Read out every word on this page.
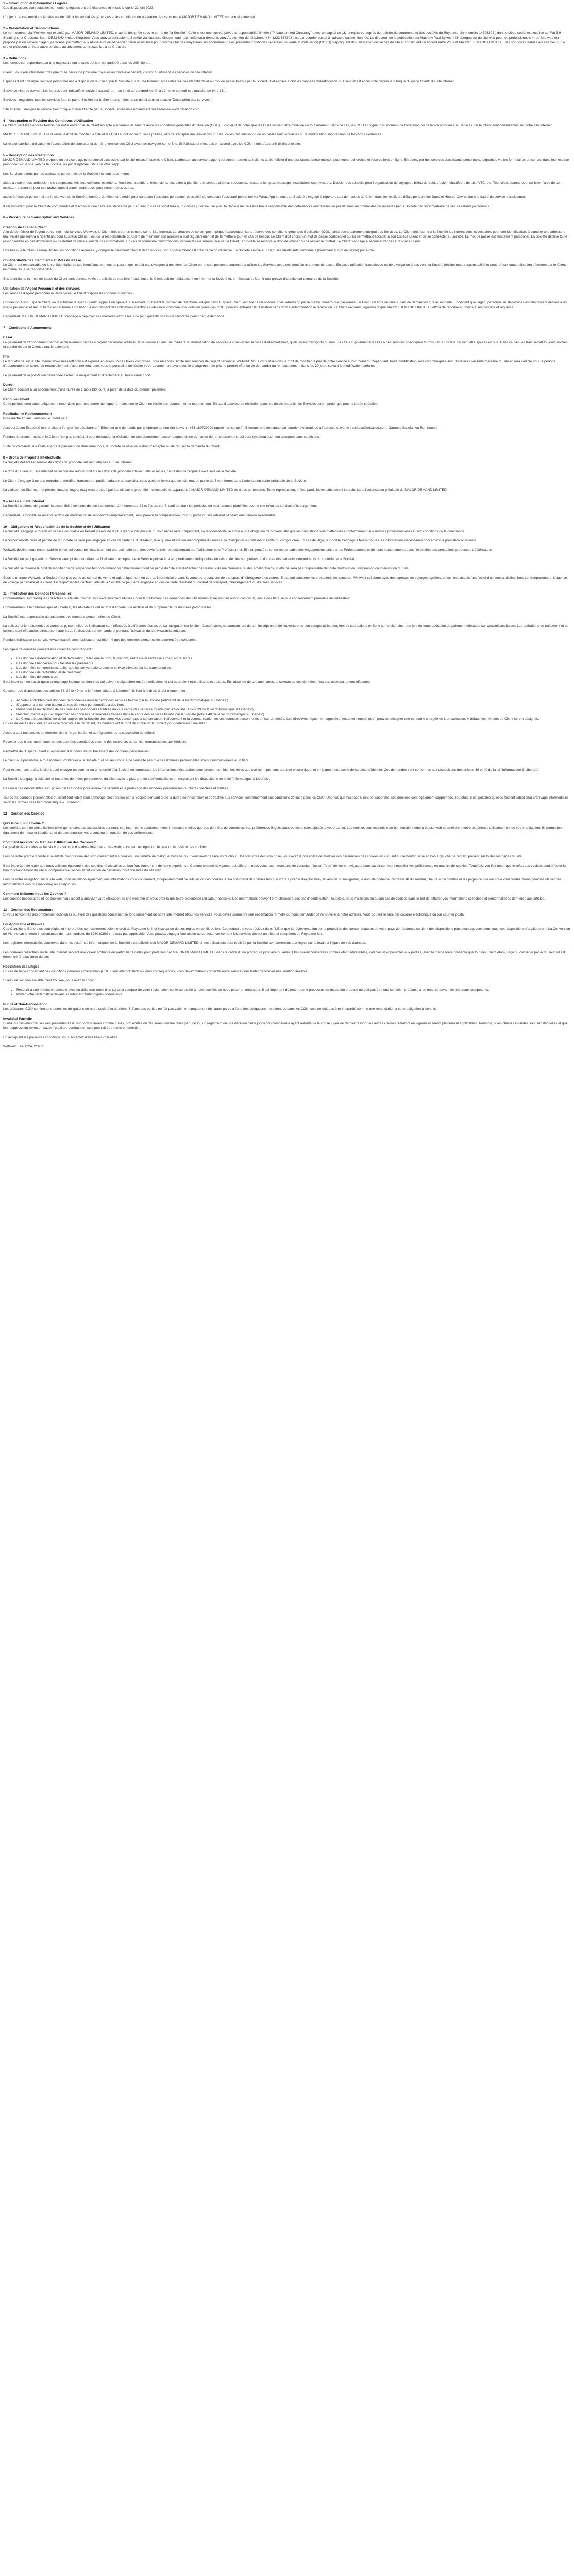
1 – Introduction et Informations Légales

Ces dispositions contractuelles et mentions légales ont été élaborées et mises à jour le 22 juin 2023.

L'objectif de ces mentions légales est de définir les modalités générales et les conditions de prestation des services de MAJOR DEMAND LIMITED sur son site internet.

2 – Présentation et Dénominations

Le nom commercial Weltweit est exploité par MAJOR DEMAND LIMITED, ci-après désignée sous le terme de "la Société". Celle-ci est une société privée à responsabilité limitée ("Private Limited Company") avec un capital de 1£, enregistrée auprès du registre du commerce et des sociétés du Royaume-Uni (numéro 14326204), dont le siège social est localisé au Flat 3 9 Sunninghurst Crescent, Bath, DE23 8HX United Kingdom. Vous pouvez contacter la Société via l'adresse électronique : admin@major-demand.com. Au numéro de téléphone +44 1223 654308 ; ou par courrier postal à l'adresse susmentionnée. Le directeur de la publication est Matthew Paul Sykes, « l'Hébergeur(s) du site web pour les professionnels ». Le Site web est proposé par un service d'agent personnel permettant aux utilisateurs de bénéficier d'une assistance pour diverses tâches moyennant un abonnement. Les présentes conditions générales de vente et d'utilisation (CGVU) s'appliquent dès l'utilisation ou l'accès du site et constituent un accord entre Vous et MAJOR DEMAND LIMITED. Elles sont consultables accessibles sur le site et précisent un haut autre services au document contractuelle : à sa Création.

3 – Définitions

Les termes correspondant par une majuscule ont le sens qui leur est attribué dans les définitions :

Client : Vous (ou Utilisateur : désigne toute personne physique majeure ou morale accédant, visitant ou utilisant les services du site internet.

Espace Client : désigne l'espace personnel mis à disposition du Client par la Société sur le Site Internet, accessible via des identifiants et au moi de passe fournis par la Société. Cet espace inclut les données d'identification du Client et est accessible depuis le rubrique "Espace Client" du Site internet.

Sauvé ce Heures ouvrés : Les heures sont indicatifs et suivis à caractères – du lundi au vendredi de 9h à 19h et le samedi et dimanche de 9h à 17h.

Services : englobent tous les services fournis par la Société sur le Site Internet, décrits en détail dans la section "Description des services".

Site Internet : désigne le service électronique interactif édité par la Société, accessible notamment sur l'adresse www.misasoft.com.

4 – Acceptation et Révision des Conditions d'Utilisation

Le Client peut les Services fournis par notre entreprise, le Client accepte pleinement et sans réserve les conditions générales d'utilisation (CGU). Il convient de noter que les CGU peuvent être modifiées à tout moment. Dans ce cas, les CGU en vigueur au moment de l'utilisation ou de la souscription aux Services par le Client sont consultables sur notre site Internet.

MAJOR DEMAND LIMITED se réserve le droit de modifier le Site et les CGU à tout moment, sans préavis, afin de s'adapter aux évolutions du Site, celles par l'utilisation de nouvelles fonctionnalités ou la modification/suppression de fonctions existantes.

La responsabilité d'utilisation et l'acceptation de consulter la dernière version des CGU avant de naviguer sur le Site. Si l'Utilisateur n'est pas en accord avec les CGU, il doit s'abstenir d'utiliser le site.

5 – Description des Prestations

MAJOR DEMAND LIMITED propose un service d'agent personnel accessible par le site misasoft.com et le Client. L'adhésion au service d'agent personnel permet aux clients de bénéficier d'une assistance personnalisée pour leurs recherches et réservations en ligne. En outre, par des services d'assistants personnels, joignables via les formulaires de contact dans leur espace personnel sur le site web de la Société, ou par téléphone, SMS ou WhatsApp.

Les Services offerts par les assistants personnels de la Société incluent notamment :

aides à trouver des professionnels compétents tels que coiffeurs, esseriens, fleuristes, plombiers, électriciens, etc. aider à planifier des séries : cinéma, spectacles, restaurants, spas, massage, installations sportives, etc. Dossier des conseils pour l'organisation de voyages : billets de train, d'avion, chauffeurs de taxi, VTC, etc. Tout client abonné peut solliciter l'aide de son assistant personnel pour ces tâches quotidiennes, mais aussi pour nombreuses autres.

accès à l'espace personnel sur le site web de la Société: numéro de téléphone dédié pour contacter l'assistant personnel, possibilité de contacter l'assistant personnel via WhatsApp ou sms. La Société s'engage à répondre aux demandes du Client dans les meilleurs délais pendant les Jours et Heures Ouvrés dans le cadre du service d'assistance.

Il est important pour le Client de comprendre et d'accepter que cette assistance ne peut en aucun cas se substituer à un conseil juridique. De plus, la Société ne peut être tenue responsable des défaillances éventuelles de prestataires recommandés ou réservés par la Société par l'intermédiaire de ses assistants personnels.

6 – Procédure de Souscription aux Services
Création de l'Espace Client

Afin de bénéficier de l'agent personnel multi-services Weltweit, le Client doit créer un compte sur le Site Internet. La création de ce compte implique l'acceptation sans réserve des conditions générales d'utilisation (CGU) ainsi que le paiement intégral des Services. Le Client doit fournir à la Société les informations nécessaires pour son identification, à compter une adresse e-mail valide qui servira à l'identifiant pour l'Espace Client. Il est de la responsabilité du Client de maintenir son adresse à mot régulièrement et de la mettre à jour en cas de besoin. Le Client doit choisir un mot de passe confidentiel qui lui permettra d'accéder à son Espace Client et de se connecter au service. Le mot de passe est strictement personnel. La Société décline toute responsabilité en cas d'omission ou de défaut de mise à jour de ces informations. En cas de fourniture d'informations incorrectes ou trompeuses par le Client, la Société se réserve le droit de refuser ou de résilier le contrat. Le Client s'engage à sécuriser l'accès à l'Espace Client.

Une fois que le Client a rempli toutes les conditions requises, y compris le paiement intégral des Services, son Espace Client est créé de façon définitive. La Société envoie au Client ses identifiants personnels (identifiant et mot de passe) par e-mail.

Confidentialité des Identifiants et Mots de Passe

Le Client est responsable de la confidentialité de ses identifiants et mots de passe, qui ne doit pas divulguer à des tiers. Le Client est le seul personne autorisée à utiliser les Services avec ses identifiants et mots de passe. En cas d'utilisation frauduleuse ou de divulgation à des tiers, la Société décline toute responsabilité et peut refuser toute utilisation effectuée par le Client lui-même sous sa responsabilité.

Ses identifiants et mots de passe du Client sont perdus, volés ou utilisés de manière frauduleuse, le Client doit immédiatement en informer la Société et, si nécessaire, fournir une preuve d'identité sur demande de la Société.

Utilisation de l'Agent Personnel et des Services

Les services d'agent personnel multi-services, le Client dispose des options suivantes :

Connexion à son Espace Client via la rubrique "Espace Client". Appel à un opérateur. Relevateur utilisant le numéro de téléphone indiqué dans l'Espace Client. Accéder à un opérateur via WhatsApp par le même numéro que par e-mail. Le Client est libre de faire autant de demandes qu'il le souhaite. Il convient que l'agent personnel multi-services est strictement destiné à un usage personnel et aucun tiers n'est autorisé à l'utiliser. La non-respect des obligations mentions ci-dessous constitue une violation grave des CGU, pouvant entraîner la résiliation sans droit à indemnisation ni réparation. Le Client reconnaît également que MAJOR DEMAND LIMITED n'offrira de réponse au moins à ses besoins et requêtes.

Cependant, MAJOR DEMAND LIMITED s'engage à déployer ses meilleurs efforts mais ne peut garantir une issue favorable pour chaque demande.

7 – Conditions d'Abonnement
Essai

Le paiement de l'abonnement permet exclusivement l'accès à l'agent personnel Weltweit. Il ne couvre en aucune manière la rémunération de services à compter les services d'intermédiation, qu'ils soient transports ou non. Des frais supplémentaires liés à des services spécifiques fournis par la Société peuvent être ajoutés en sus. Dans ce cas, les frais seront toujours notifiés et confirmés par le Client avant le paiement.

Prix

Le tarif affiché sur le site internet www.misasoft.com est exprimé en euros, toutes taxes comprises, pour un accès illimité aux services de l'agent personnel Weltweit. Nous vous réservons le droit de modifier le prix de notre service à tout moment. Cependant, toute modification sera communiquée aux utilisateurs par l'intermédiaire du site et sera valable pour la période d'abonnement en cours. Le renouvellement d'abonnement, avec vous la possibilité de résilier votre abonnement avant que le changement de prix ne prenne effet ou de demander un remboursement dans les 30 jours suivant la modification tarifaire.

Le paiement de la prestation demandée s'effectue uniquement et directement au fournisseur choisi.

Durée

Le Client souscrit à un abonnement d'une durée de 1 mois (30 jours) à partir de la date du premier paiement.

Renouvellement

Cette période sera automatiquement reconduite pour une durée identique, à moins que le Client ne résilie son abonnement à tout moment. En cas d'absence de résiliation dans les délais impartis, les Services seront prolongés pour la durée spécifiée.

Résiliation et Remboursement

Pour mettre fin aux Services, le Client peut :

Accéder à son Espace Client et cliquer l'onglet "se désabonner". Effectuer une demande par téléphone au numéro suivant : +33 189729999 (appel non surtaxé). Effectuer une demande par courrier électronique à l'adresse suivante : contact@misasoft.com. Garantie Satisfait ou Remboursé

Pendant le premier mois, si le Client n'est pas satisfait, il peut demander la résiliation de son abonnement accompagnée d'une demande de remboursement, qui sera systématiquement acceptée sans conditions.

Suite de demande aux États agents le paiement du deuxième mois, la Société se réserve le droit d'accepter ou de refuser la demande du Client.

8 – Droits de Propriété Intellectuelle

La Société détient l'ensemble des droits de propriété intellectuelle liés au Site Internet.

Le droit du Client au Site Internet ne lui confère aucun droit sur les droits de propriété intellectuelle associés, qui restent la propriété exclusive de la Société.

Le Client s'engage à ne pas reproduire, modifier, transmettre, publier, adapter ou exploiter, sous quelque forme que ce soit, tout ou partie du Site Internet sans l'autorisation écrite préalable de la Société.

La violation du Site Internet (textes, images, logos, etc.) n'est protégé par les lois sur la propriété intellectuelle et appartient à MAJOR DEMAND LIMITED ou à ses partenaires. Toute reproduction, même partielle, est strictement interdite sans l'autorisation préalable de MAJOR DEMAND LIMITED.

9 – Accès au Site Internet

La Société s'efforce de garantir la disponibilité continue de son site internet, 24 heures sur 24 et 7 jours sur 7, sauf pendant les périodes de maintenance planifiées pour le site et/ou les services d'hébergement.

Cependant, la Société se réserve le droit de modifier ou de suspendre temporairement, sans préavis ni compensation, tout ou partie du site internet pendant une période raisonnable.

10 – Obligations et Responsabilités de la Société et de l'Utilisateur

La Société s'engage à fournir un service de qualité en faisant preuve de la plus grande diligence et du soin nécessaire. Cependant, sa responsabilité se limite à une obligation de moyens afin que les prestations soient effectuées conformément aux normes professionnelles et aux conditions de la commande.

La responsabilité civile et pénale de la Société ne sera pas engagée en cas de faute de l'Utilisateur, telle qu'une utilisation inappropriée du service, la divulgation ou l'utilisation illicite du compte créé. En cas de litige, la Société s'engage à fournir toutes les informations nécessaires concernant la prestation antérieure.

Weltweit décline toute responsabilité en ce qui concerne l'établissement des estimations et des devis fournis respectivement par l'Utilisateur et le Professionnel. Elle ne peut être tenue responsable des engagements pris par les Professionnels et de leurs manquements dans l'exécution des prestations proposées à l'Utilisateur.

La Société ne peut garantir un Service exempt de tout défaut, et l'Utilisateur accepte que le Service puisse être temporairement indisponible en raison de délais imprévus ou d'autres événements indépendants du contrôle de la Société.

La Société se réserve le droit de modifier ou de suspendre temporairement ou définitivement tout ou partie du Site afin d'effectuer des travaux de maintenance ou des améliorations, et elle ne sera pas responsable de toute modification, suspension ou interruption du Site.

Sous la marque Weltweit, la Société n'est pas partie au contrat de vente et agit uniquement en tant qu'intermédiaire dans la vente de prestations de transport, d'hébergement ou autres. En ce qui concerne les prestations de transport, Weltweit collabore avec des agences de voyages agréées, et les titres acquis font l'objet d'un contrat distinct hors contrat/partenaire. L'agence de voyage partenaire et le Client. La responsabilité contractuelle de la Société ne peut être engagée en cas de faute résultant du contrat de transport, d'hébergement ou d'autres services.

11 – Protection des Données Personnelles

Conformément aux politiques collectées sur le site Internet sont exclusivement utilisées pour le traitement des demandes des utilisateurs et ne sont en aucun cas divulguées à des tiers sans le consentement préalable de l'utilisateur.

Conformément à la "Informatique et Libertés", les utilisateurs ont le droit d'accéder, de rectifier et de supprimer leurs données personnelles.

La Société est responsable du traitement des données personnelles du Client.

La collecte et le traitement des données personnelles de l'utilisateur sont effectués à différentes étapes de sa navigation sur le site misasoft.com/, notamment lors de son inscription et de l'ouverture de son compte utilisateur, lors de ses actions en ligne sur le site, ainsi que lors de toute opération de paiement effectuée sur www.misasoft.com. Les opérations de traitement et de collecte sont effectuées directement auprès de l'utilisateur, sur demande et pendant l'utilisation du site www.misasoft.com.

Pendant l'utilisation du service www.misasoft.com, l'utilisateur est informé que des données personnelles peuvent être collectées.

Les types de données peuvent être collectés comprennent :

• Les données d'identification et de facturation, telles que le nom, le prénom, l'adresse et l'adresse e-mail, entre autres.
• Les données bancaires pour faciliter les paiements.
• Les données commerciales, telles que les conversations avec le service clientèle ou les commentaires.
• Les données de facturation et de paiement.
• Les données de connexion.

Il est important de savoir qu'un anonymage indique les données qui doivent obligatoirement être collectées et qui pourraient être utilisées et traitées. En l'absence de ces anonymes, la collecte de ces données n'est pas nécessairement effectuée.

Ce selon des dispositions des articles 38, 39 et 40 de la loi "Informatique & Libertés", ils l'ont à le droit, à tout moment, de :

• Accéder et d'obtenir les données personnelles dans le cadre des services fournis par la Société (article 39 de la loi "Informatique & Libertés").
• S'opposer à la communication de ses données personnelles à des tiers.
• Demander la rectification de ses données personnelles traitées dans le cadre des services fournis par la Société (article 39 de la loi "Informatique & Libertés").
• Rectifier, mettre à jour et supprimer ses données personnelles traitées dans le cadre des services fournis par la Société (article 40 de la loi "Informatique & Libertés").
• Le Client a la possibilité de définir auprès de la Société des directives concernant la conservation, l'effacement et la communication de ses données personnelles en cas de décès. Ces directives, également appelées "testament numérique", peuvent désigner une personne chargée de leur exécution. À défaut, les héritiers du Client seront désignés.

En cas de décès du client, en associé directive à la de défaut, les héritiers ont le droit de contacter la Société pour déterminer suivants :

Accéder aux traitements de données liés à l'organisation et au règlement de la succession du défunt.

Recevoir des biens numériques ou des données constituées comme des souvenirs de famille, transmissibles aux héritiers.

Permettre de l'Espace Client et appartenir à la poursuite du traitement des données personnelles.

Le client a la possibilité, à tout moment, d'indiquer à la Société qu'il ne ses droits. Il ne souhaite pas que ses données personnelles soient communiquées à un tiers.

Pour exercer ces droits, le client peut envoyer un courrier ou un courriel à la Société en fournissant les informations nécessaires pour prouver son identité, telles que son nom, prénom, adresse électronique, et en joignant une copie de sa pièce d'identité. Ces demandes sont conformes aux dispositions des articles 39 et 40 de la loi "Informatique & Libertés".

La Société s'engage à collecter et traiter les données personnelles du client avec la plus grande confidentialité et en respectant les dispositions de la loi "Informatique & Libertés".

Des mesures raisonnables sont prises par la Société pour assurer la sécurité et la protection des données personnelles du client collectées et traitées.

Toutes les données personnelles du client font l'objet d'un archivage électronique par la Société pendant toute la durée de l'inscription et de l'activé aux services, conformément aux conditions définies dans les CGU. Une fois que l'Espace Client est supprimé, ces données sont également supprimées. Toutefois, il est possible qu'elles fassent l'objet d'un archivage intermédiaire selon les termes de la loi "Informatique & Libertés".

12 – Gestion des Cookies
Qu'est-ce qu'un Cookie ?

Les cookies sont de petits fichiers texte qui ne sont pas accessibles sur notre site internet. Ils contiennent des informations telles que vos données de connexion, vos préférences linguistiques ou les articles ajoutés à votre panier. Les cookies sont essentiels au bon fonctionnement du site web et améliorent votre expérience utilisateur lors de votre navigation. Ils permettent également de mesurer l'audience et de personnaliser votre contenu en fonction de vos préférences.

Comment Accepter ou Refuser l'Utilisation des Cookies ?

La gestion des cookies se fait via votre solution d'analyse intégrée au site web, accepter l'acceptation, le rejet ou la gestion des cookies.

Lors de votre première visite et avant de prendre une décision concernant les cookies, une fenêtre de dialogue s'affiche pour vous inviter à faire votre choix. Une fois votre décision prise, vous avez la possibilité de modifier vos paramètres des cookies en cliquant sur le bouton situé en bas à gauche de l'écran, présent sur toutes les pages du site.

Il est important de noter que nous utilisons également des cookies nécessaires au bon fonctionnement de notre expérience. Comme chaque navigateur est différent, nous vous recommandons de consulter l'option "Aide" de votre navigateur pour savoir comment modifier vos préférences en matière de cookies. Toutefois, veuillez noter que le refus des cookies peut affecter le bon fonctionnement du site et compromettre l'accès et l'utilisation de certaines fonctionnalités du site web.

Lors de votre navigation sur le site web, nous installons également des informations vous concernant, indépendamment de l'utilisation des cookies. Cela comprend des détails tels que votre système d'exploitation, la version du navigateur, le nom de domaine, l'adresse IP du serveur, l'heure ainsi nombre et les pages du site web que vous visitez. Nous pouvons utiliser ces informations à des fins marketing ou analytiques.

Comment Utilisons-nous les Cookies ?

Les cookies nécessaires et les cookies nous aident à analyser votre utilisation du site web afin de vous offrir la meilleure expérience utilisateur possible. Ces informations peuvent être utilisées à des fins d'identification. Toutefois, nous n'utilisons en aucun cas de cookies dans le but de diffuser vos informations collectées et personnalisées dernières aux articles.

13 – Gestion des Réclamations

Si vous rencontrez des problèmes techniques ou avez des questions concernant le fonctionnement de notre site internet et/ou nos services, vous devez soumettre une réclamation formelle ou nous demander de renouveler à notre adresse. Vous pouvez le faire par courrier électronique ou par courrier postal.

Loi Applicable et Preuves

Ces Conditions Générales sont régies et interprétées conformément selon le droit du Royaume-Uni, et l'exception de ses règles en conflit de lois. Cependant : si vous résidez dans l'UE et que la réglementation sur la protection des consommateurs de votre pays de résidence contient des dispositions plus avantageuses pour vous, ces dispositions s'appliqueront. La Convention de Vienne sur la vente internationale de marchandises de 1980 (CISG) ne sera pas applicable. Vous pouvez engager une action au contexte concernant les services devant un tribunal compétent du Royaume-Uni.

Les registres informatisés, conservés dans les systèmes informatiques de la Société sont officiels soit MAJOR DEMAND LIMITED et ses utilisateurs sera réalisée par la Société conformément aux règles sur la locale à l'égard de ses données.

Les données collectées sur le Site Internet servent une valeur probante en particulier à celles pour produites par MAJOR DEMAND LIMITED, dans le cadre d'une procédure judiciaire ou autre. Elles seront conservées comme étant admissibles, valables et opposables aux parties, avec la même force probante que tout document établi, reçu ou conservé par écrit, sauf s'il est démontré l'inexactitude de ces.

Résolution des Litiges

En cas de litige concernant ces conditions générales d'utilisation (CGU), leur interprétation ou leurs conséquences, vous devez d'abord contacter notre service pour tenter de trouver une solution amiable.

Si aucune solution amiable n'est trouvée, vous avez le choix :

• Recourir à une médiation amiable avec un délai maximum d'un (1) an à compter de votre réclamation écrite adressée à notre société, en nous poser un médiateur. Il est important de noter que le processus de médiation propose ne doit pas être une condition préalable à un recours devant les tribunaux compétents.
• Porter votre réclamation devant les tribunaux britanniques compétents.
Nullité et Non-Renonciation

Les présentes CGU contiennent toutes les obligations de notre société et du client. Si l'une des parties ne fait pas valoir le manquement de l'autre partie à l'une des obligations mentionnées dans les CGU, cela ne doit pas être interprété comme une renonciation à cette obligation à l'avenir.

Invalidité Partielle

Si une ou plusieurs clauses des présentes CGU sont considérées comme nulles, non écrites ou déclarées comme telles par une loi, un règlement ou une décision d'une juridiction compétente ayant autorité de la chose jugée de dernier ressort, les autres clauses resteront en vigueur et seront pleinement applicables. Toutefois, si les clauses invalides sont substantielles et que leur suppression remet en cause l'équilibre contractuel, cela pourrait être remis en question.

En acceptant les présentes conditions, vous acceptez d'être liée(s) par elles.

Weltweit: +44 1224 023200
